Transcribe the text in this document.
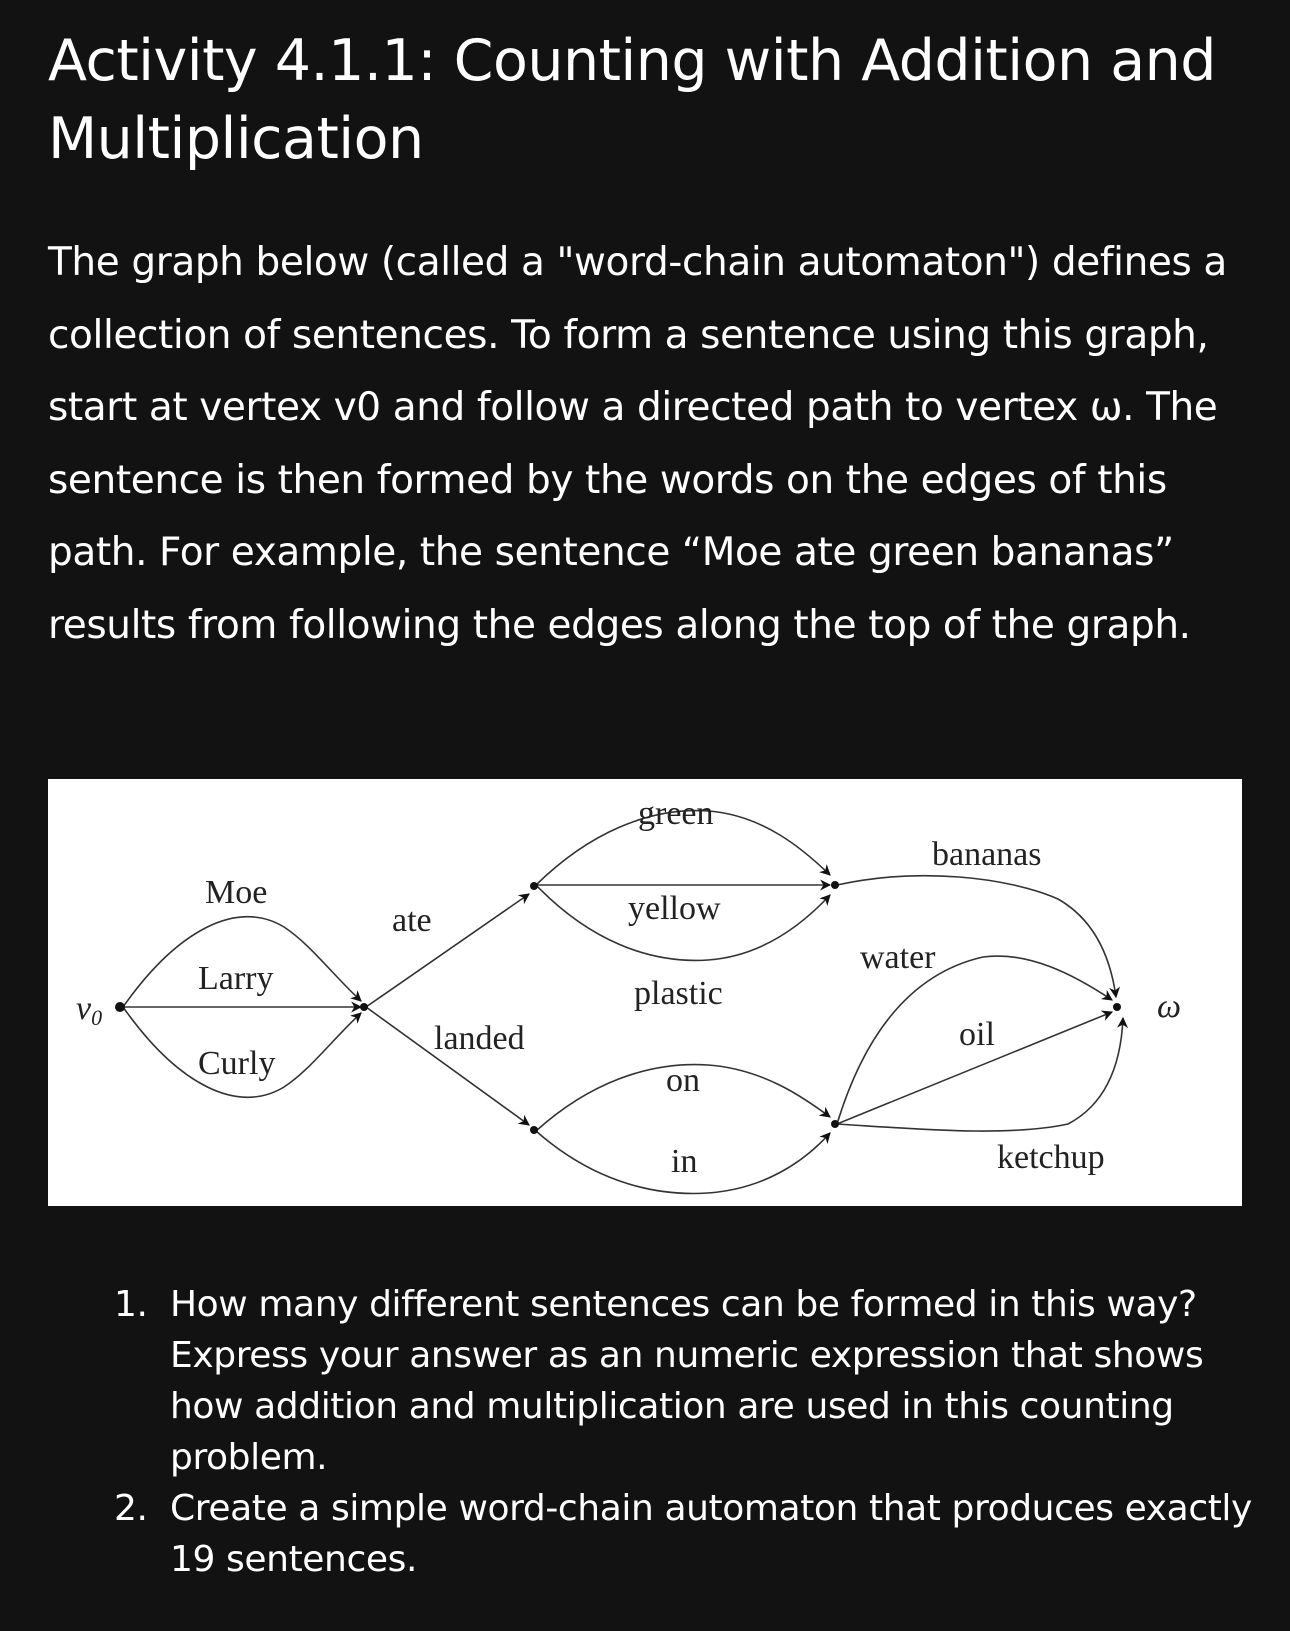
Activity 4.1.1: Counting with Addition and Multiplication

The graph below (called a "word-chain automaton") defines a collection of sentences. To form a sentence using this graph, start at vertex v0 and follow a directed path to vertex ω. The sentence is then formed by the words on the edges of this path. For example, the sentence “Moe ate green bananas” results from following the edges along the top of the graph.

v0	ω
Moe
Larry
Curly
ate
landed
green
yellow
plastic
on
in
bananas
water
oil
ketchup
1. How many different sentences can be formed in this way? Express your answer as an numeric expression that shows how addition and multiplication are used in this counting problem.
2. Create a simple word-chain automaton that produces exactly 19 sentences.
